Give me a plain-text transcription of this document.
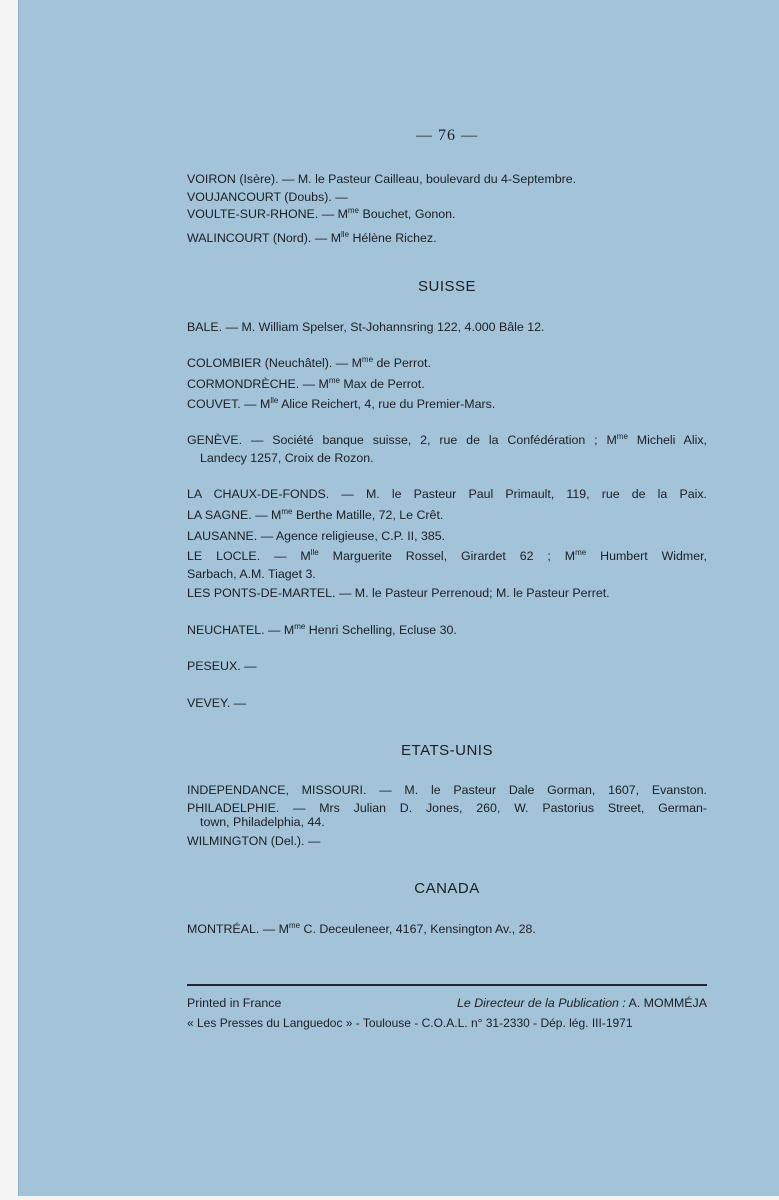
— 76 —
VOIRON (Isère). — M. le Pasteur Cailleau, boulevard du 4-Septembre.
VOUJANCOURT (Doubs). —
VOULTE-SUR-RHONE. — $M^{me}$ Bouchet, Gonon.
WALINCOURT (Nord). — $M^{lle}$ Hélène Richez.
SUISSE
BALE. — M. William Spelser, St-Johannsring 122, 4.000 Bâle 12.
COLOMBIER (Neuchâtel). — $M^{me}$ de Perrot.
CORMONDRÈCHE. — $M^{me}$ Max de Perrot.
COUVET. — $M^{lle}$ Alice Reichert, 4, rue du Premier-Mars.
GENÈVE. — Société banque suisse, 2, rue de la Confédération ; $M^{me}$ Micheli Alix,
Landecy 1257, Croix de Rozon.
LA CHAUX-DE-FONDS. — M. le Pasteur Paul Primault, 119, rue de la Paix.
LA SAGNE. — $M^{me}$ Berthe Matille, 72, Le Crêt.
LAUSANNE. — Agence religieuse, C.P. II, 385.
LE LOCLE. — $M^{lle}$ Marguerite Rossel, Girardet 62 ; $M^{me}$ Humbert Widmer,
Sarbach, A.M. Tiaget 3.
LES PONTS-DE-MARTEL. — M. le Pasteur Perrenoud; M. le Pasteur Perret.
NEUCHATEL. — $M^{me}$ Henri Schelling, Ecluse 30.
PESEUX. —
VEVEY. —
ETATS-UNIS
INDEPENDANCE, MISSOURI. — M. le Pasteur Dale Gorman, 1607, Evanston.
PHILADELPHIE. — Mrs Julian D. Jones, 260, W. Pastorius Street, German-
town, Philadelphia, 44.
WILMINGTON (Del.). —
CANADA
MONTRÉAL. — $M^{me}$ C. Deceuleneer, 4167, Kensington Av., 28.
Printed in France	Le Directeur de la Publication : A. MOMMÉJA
« Les Presses du Languedoc » - Toulouse - C.O.A.L. n° 31-2330 - Dép. lég. III-1971
